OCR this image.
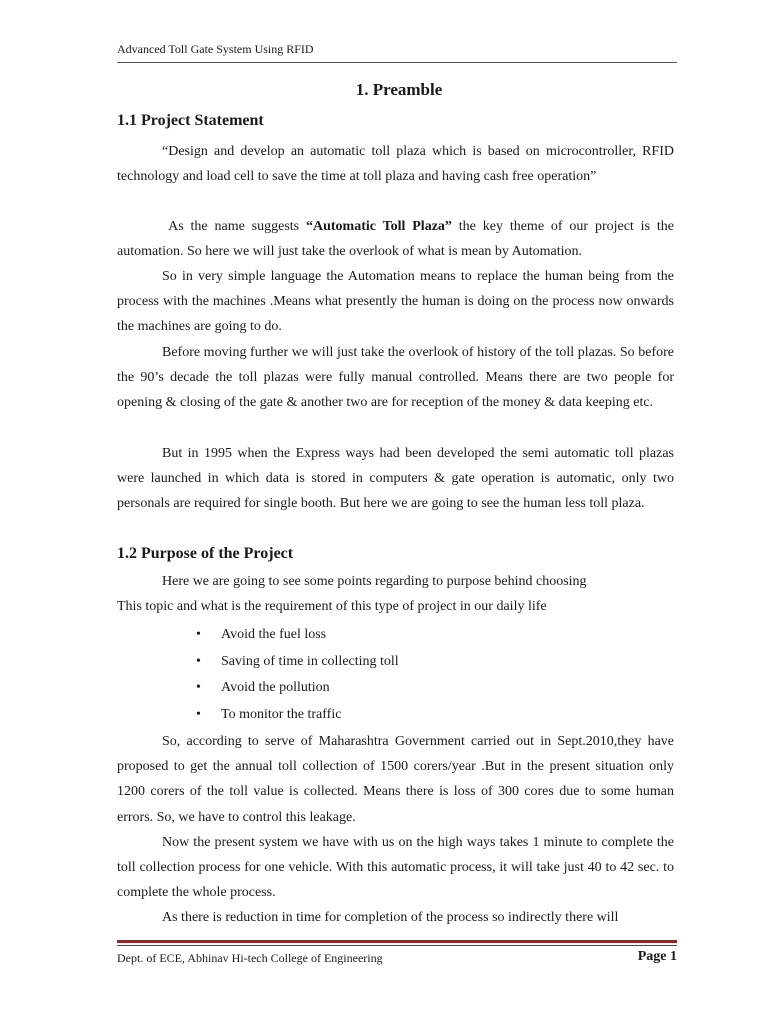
Advanced Toll Gate System Using RFID
1. Preamble
1.1 Project Statement
“Design and develop an automatic toll plaza which is based on microcontroller, RFID technology and load cell to save the time at toll plaza and having cash free operation”
As the name suggests “Automatic Toll Plaza” the key theme of our project is the automation. So here we will just take the overlook of what is mean by Automation.
So in very simple language the Automation means to replace the human being from the process with the machines .Means what presently the human is doing on the process now onwards the machines are going to do.
Before moving further we will just take the overlook of history of the toll plazas. So before the 90’s decade the toll plazas were fully manual controlled. Means there are two people for opening & closing of the gate & another two are for reception of the money & data keeping etc.
But in 1995 when the Express ways had been developed the semi automatic toll plazas were launched in which data is stored in computers & gate operation is automatic, only two personals are required for single booth. But here we are going to see the human less toll plaza.
1.2 Purpose of the Project
Here we are going to see some points regarding to purpose behind choosing
This topic and what is the requirement of this type of project in our daily life
• Avoid the fuel loss
• Saving of time in collecting toll
• Avoid the pollution
• To monitor the traffic
So, according to serve of Maharashtra Government carried out in Sept.2010,they have proposed to get the annual toll collection of 1500 corers/year .But in the present situation only 1200 corers of the toll value is collected. Means there is loss of 300 cores due to some human errors. So, we have to control this leakage.
Now the present system we have with us on the high ways takes 1 minute to complete the toll collection process for one vehicle. With this automatic process, it will take just 40 to 42 sec. to complete the whole process.
As there is reduction in time for completion of the process so indirectly there will
Dept. of ECE, Abhinav Hi-tech College of Engineering	Page 1
